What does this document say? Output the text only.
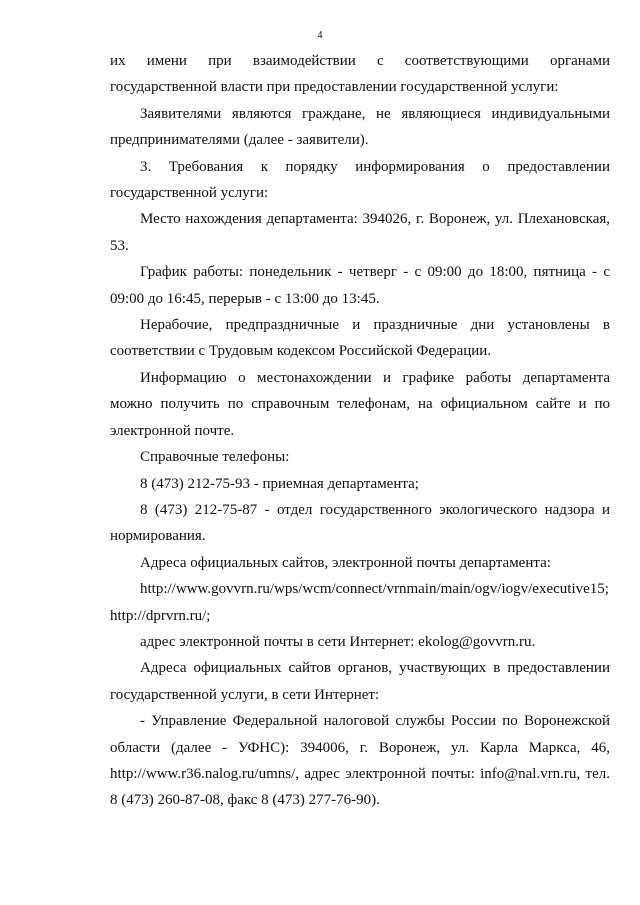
4

их имени при взаимодействии с соответствующими органами государственной власти при предоставлении государственной услуги:

Заявителями являются граждане, не являющиеся индивидуальными предпринимателями (далее - заявители).

3. Требования к порядку информирования о предоставлении государственной услуги:

Место нахождения департамента: 394026, г. Воронеж, ул. Плехановская, 53.

График работы: понедельник - четверг - с 09:00 до 18:00, пятница - с 09:00 до 16:45, перерыв - с 13:00 до 13:45.

Нерабочие, предпраздничные и праздничные дни установлены в соответствии с Трудовым кодексом Российской Федерации.

Информацию о местонахождении и графике работы департамента можно получить по справочным телефонам, на официальном сайте и по электронной почте.

Справочные телефоны:

8 (473) 212-75-93 - приемная департамента;

8 (473) 212-75-87 - отдел государственного экологического надзора и нормирования.

Адреса официальных сайтов, электронной почты департамента:

http://www.govvrn.ru/wps/wcm/connect/vrnmain/main/ogv/iogv/executive15; http://dprvrn.ru/;

адрес электронной почты в сети Интернет: ekolog@govvrn.ru.

Адреса официальных сайтов органов, участвующих в предоставлении государственной услуги, в сети Интернет:

- Управление Федеральной налоговой службы России по Воронежской области (далее - УФНС): 394006, г. Воронеж, ул. Карла Маркса, 46, http://www.r36.nalog.ru/umns/, адрес электронной почты: info@nal.vrn.ru, тел. 8 (473) 260-87-08, факс 8 (473) 277-76-90).
